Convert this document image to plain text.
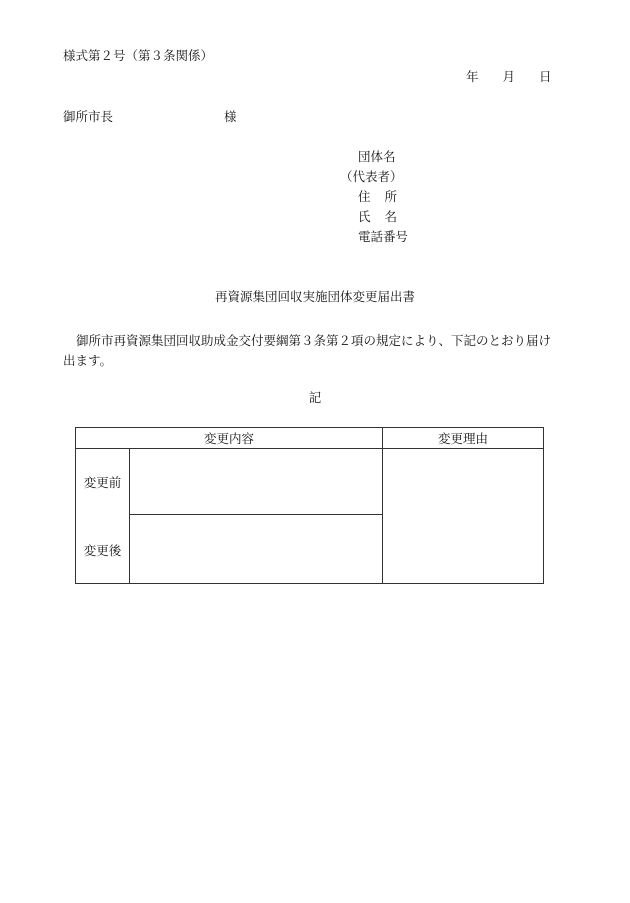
様式第２号（第３条関係）
年 月 日
御所市長	様
団体名
（代表者）
住 所
氏 名
電話番号
再資源集団回収実施団体変更届出書
御所市再資源集団回収助成金交付要綱第３条第２項の規定により、下記のとおり届け出ます。
記
変更内容	変更理由
変更前
変更後
